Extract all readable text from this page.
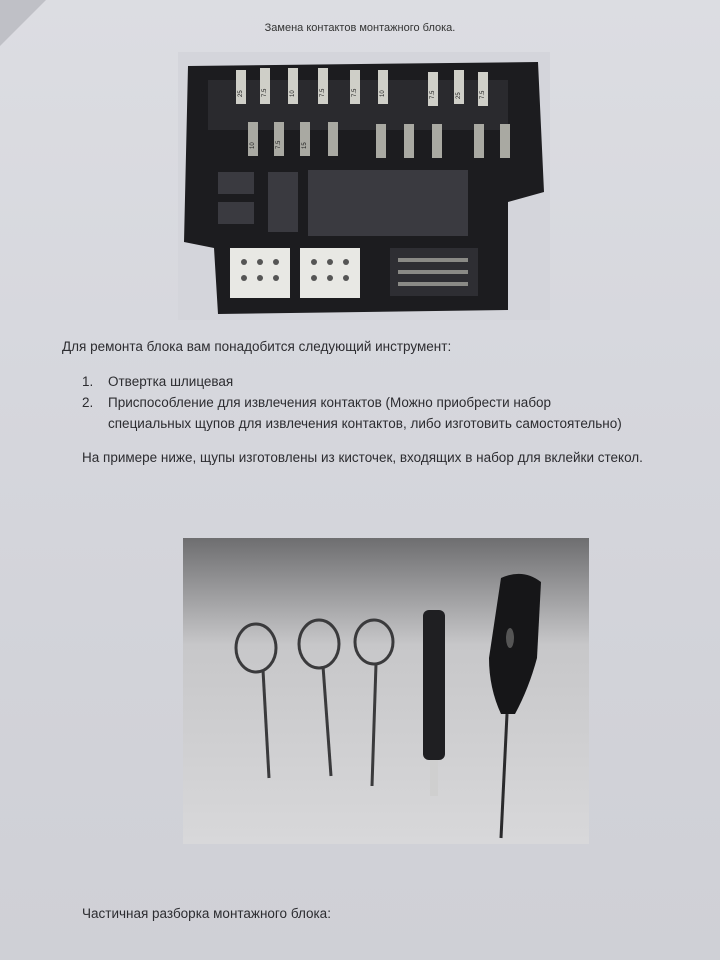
Замена контактов монтажного блока.
25	7.5	10	7.5	7.5	10	7.5	25	7.5
10	7.5	15
Для ремонта блока вам понадобится следующий инструмент:
1. Отвертка шлицевая
2. Приспособление для извлечения контактов (Можно приобрести набор
специальных щупов для извлечения контактов, либо изготовить самостоятельно)
На примере ниже, щупы изготовлены из кисточек, входящих в набор для вклейки стекол.
Частичная разборка монтажного блока:
